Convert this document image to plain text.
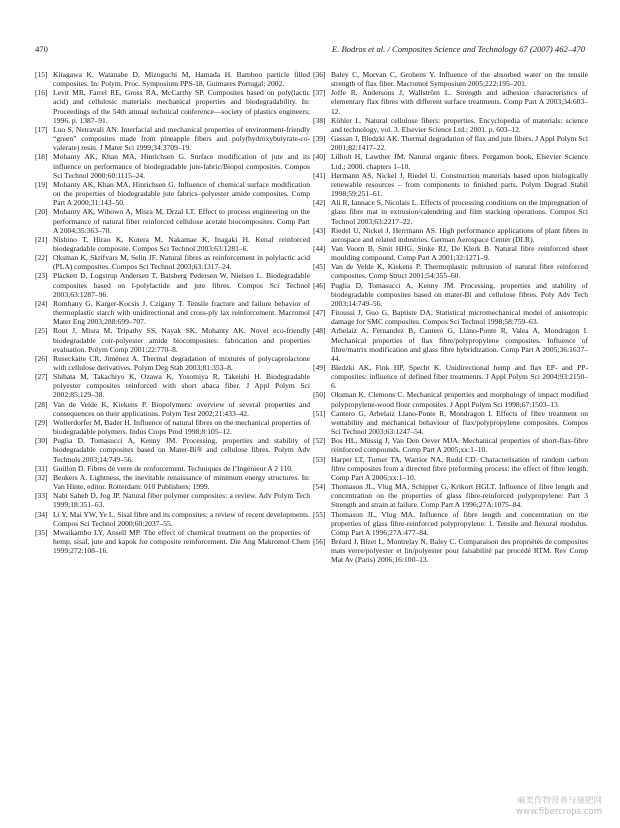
470	E. Bodros et al. / Composites Science and Technology 67 (2007) 462–470
[15] Kitagawa K, Watanabe D, Mizoguchi M, Hamada H. Bamboo particle filled composites. In: Polym. Proc. Symposium PPS-18, Guimares Portugal; 2002.
[16] Levit MR, Farrel RE, Gross RA, McCarthy SP. Composites based on poly(lactic acid) and cellulosic materials: mechanical properties and biodegradability. In: Proceedings of the 54th annual technical conference—society of plastics engineers; 1996. p. 1387–91.
[17] Luo S, Netravali AN. Interfacial and mechanical properties of environment-friendly “green” composites made from pineapple fibers and poly(hydroxybutyrate-co-valerate) resin. J Mater Sci 1999;34:3709–19.
[18] Mohanty AK, Khan MA, Hinrichsen G. Surface modification of jute and its influence on performance of biodegradable jute-fabric/Biopol composites. Compos Sci Technol 2000;60:1115–24.
[19] Mohanty AK, Khan MA, Hinrichsen G. Influence of chemical surface modification on the properties of biodegradable jute fabrics–polyester amide composites. Comp Part A 2000;31:143–50.
[20] Mohanty AK, Wibowo A, Misra M, Drzal LT. Effect to process engineering on the performance of natural fiber reinforced cellulose acetate biocomposites. Comp Part A 2004;35:363–70.
[21] Nishino T, Hirao K, Kotera M, Nakamae K, Inagaki H. Kenaf reinforced biodegradable composite. Compos Sci Technol 2003;63:1281–6.
[22] Oksman K, Skrifvars M, Selin JF. Natural fibres as reinforcement in polylactic acid (PLA) composites. Compos Sci Technol 2003;63:1317–24.
[23] Plackett D, Logstrup Andersen T, Batsberg Pedersen W, Nielsen L. Biodegradable composites based on l-polylactide and jute fibres. Compos Sci Technol 2003;63:1287–96.
[24] Romhany G, Karger-Kocsis J, Czigany T. Tensile fracture and failure behavior of thermoplastic starch with unidirectional and cross-ply lax reinforcement. Macromol Mater Eng 2003;288:699–707.
[25] Rout J, Misra M, Tripathy SS, Nayak SK, Mohanty AK. Novel eco-friendly biodegradable coir-polyester amide biocomposites: fabrication and properties evaluation. Polym Comp 2001;22:770–8.
[26] Ruseckaite CR, Jiménez A. Thermal degradation of mixtures of polycaprolactone with cellulose derivatives. Polym Deg Stab 2003;81:353–8.
[27] Shibata M, Takachiyo K, Ozawa K, Yosomiya R, Takeishi H. Biodegradable polyester composites reinforced with short abaca fiber. J Appl Polym Sci 2002;85:129–38.
[28] Van de Velde K, Kiekens P. Biopolymers: overview of several properties and consequences on their applications. Polym Test 2002;21:433–42.
[29] Wollerdorfer M, Bader H. Influence of natural fibres on the mechanical properties of biodegradable polymers. Indus Crops Prod 1998;8:105–12.
[30] Puglia D, Tomasucci A, Kenny JM. Processing, properties and stability of biodegradable composites based on Mater-Bi® and cellulose fibres. Polym Adv Technols 2003;14:749–56.
[31] Guillon D. Fibres de verre de renforcement. Techniques de l’Ingénieur A 2 110.
[32] Beukers A. Lightness, the inevitable renaissance of minimum energy structures. In: Van Hinte, editor. Rotterdam: 010 Publishers; 1999.
[33] Nabi Saheb D, Jog JP. Natural fiber polymer composites: a review. Adv Polym Tech 1999;18:351–63.
[34] Li Y, Mai YW, Ye L. Sisal fibre and its composites: a review of recent developments. Compos Sci Technol 2000;60:2037–55.
[35] Mwaikambo LY, Ansell MP. The effect of chemical treatment on the properties of hemp, sisal, jute and kapok for composite reinforcement. Die Ang Makromol Chem 1999;272:108–16.
[36] Baley C, Morvan C, Grohens Y. Influence of the absorbed water on the tensile strength of flax fiber. Macromol Symposium 2005;222:195–201.
[37] Joffe R, Andersons J, Wallström L. Strength and adhesion characteristics of elementary flax fibres with different surface treatments. Comp Part A 2003;34:603–12.
[38] Köhler L. Natural cellulose fibers: properties. Encyclopedia of materials: science and technology, vol. 3. Elsevier Science Ltd.; 2001. p. 603–12.
[39] Gassan J, Bledzki AK. Thermal degradation of flax and jute fibers. J Appl Polym Sci 2001;82:1417–22.
[40] Lilholt H, Lawther JM. Natural organic fibers. Pergamon book, Elsevier Science Ltd.; 2000. chapters 1–10.
[41] Hermann AS, Nickel J, Riedel U. Construction materials based upon biologically renewable resources – from components to finished parts. Polym Degrad Stabil 1998;59:251–61.
[42] Ali R, Iannace S, Nicolais L. Effects of processing conditions on the impregnation of glass fibre mat in extrusion/calendring and film stacking operations. Compos Sci Technol 2003;63:2217–22.
[43] Riedel U, Nickel J, Herrmann AS. High performance applications of plant fibres in aerospace and related industries. German Aerospace Center (DLR).
[44] Van Voorn B, Smit HHG, Sinke RJ, De Klerk B. Natural fibre reinforced sheet moulding compound. Comp Part A 2001;32:1271–9.
[45] Van de Velde K, Kiekens P. Thermoplastic pultrusion of natural fibre reinforced composites. Comp Struct 2001;54:355–60.
[46] Puglia D, Tomasucci A, Kenny JM. Processing, properties and stability of biodegradable composites based on mater-Bi and cellulose fibres. Poly Adv Tech 2003;14:749–56.
[47] Fitoussi J, Guo G, Baptiste DA. Statistical micromechanical model of anisotropic damage for SMC composites. Compos Sci Technol 1998;58:759–63.
[48] Arbelaiz A, Fernandez B, Cantero G, Llano-Ponte R, Valea A, Mondragon I. Mechanical properties of flax fibre/polypropylene composites. Influence of fibre/matrix modification and glass fibre hybridization. Comp Part A 2005;36:1637–44.
[49] Bledzki AK, Fink HP, Specht K. Unidirectional hemp and flax EP- and PP-composites: influence of defined fiber treatments. J Appl Polym Sci 2004;93:2150–6.
[50] Oksman K, Clemons C. Mechanical properties and morphology of impact modified polypropylene-wood flour composites. J Appl Polym Sci 1998;67:1503–13.
[51] Cantero G, Arbelaiz Llano-Ponte R, Mondragon I. Effects of fibre treatment on wettability and mechanical behaviour of flax/polypropylene composites. Compos Sci Technol 2003;63:1247–54.
[52] Bos HL, Müssig J, Van Den Oever MJA. Mechanical properties of short-flax-fibre reinforced compounds. Comp Part A 2005;xx:1–10.
[53] Harper LT, Turner TA, Warrior NA, Rudd CD. Characterisation of random carbon fibre composites from a directed fibre preforming process: the effect of fibre length. Comp Part A 2006;xx:1–10.
[54] Thomason JL, Vlug MA, Schipper G, Krikort HGLT. Influence of fibre length and concentration on the properties of glass fibre-reinforced polypropylene: Part 3 Strength and strain at failure. Comp Part A 1996;27A:1075–84.
[55] Thomason JL, Vlug MA. Influence of fibre length and concentration on the properties of glass fibre-reinforced polypropylene: 1. Tensile and flexural modulus. Comp Part A 1996;27A:477–84.
[56] Bréard J, Bizet L, Montrelay N, Baley C. Comparaison des propriétés de composites mats verre/polyester et lin/polyester pour faisabilité par procédé RTM. Rev Comp Mat Av (Paris) 2006;16:100–13.
麻类作物营养与施肥网
www.fibercrops.com
